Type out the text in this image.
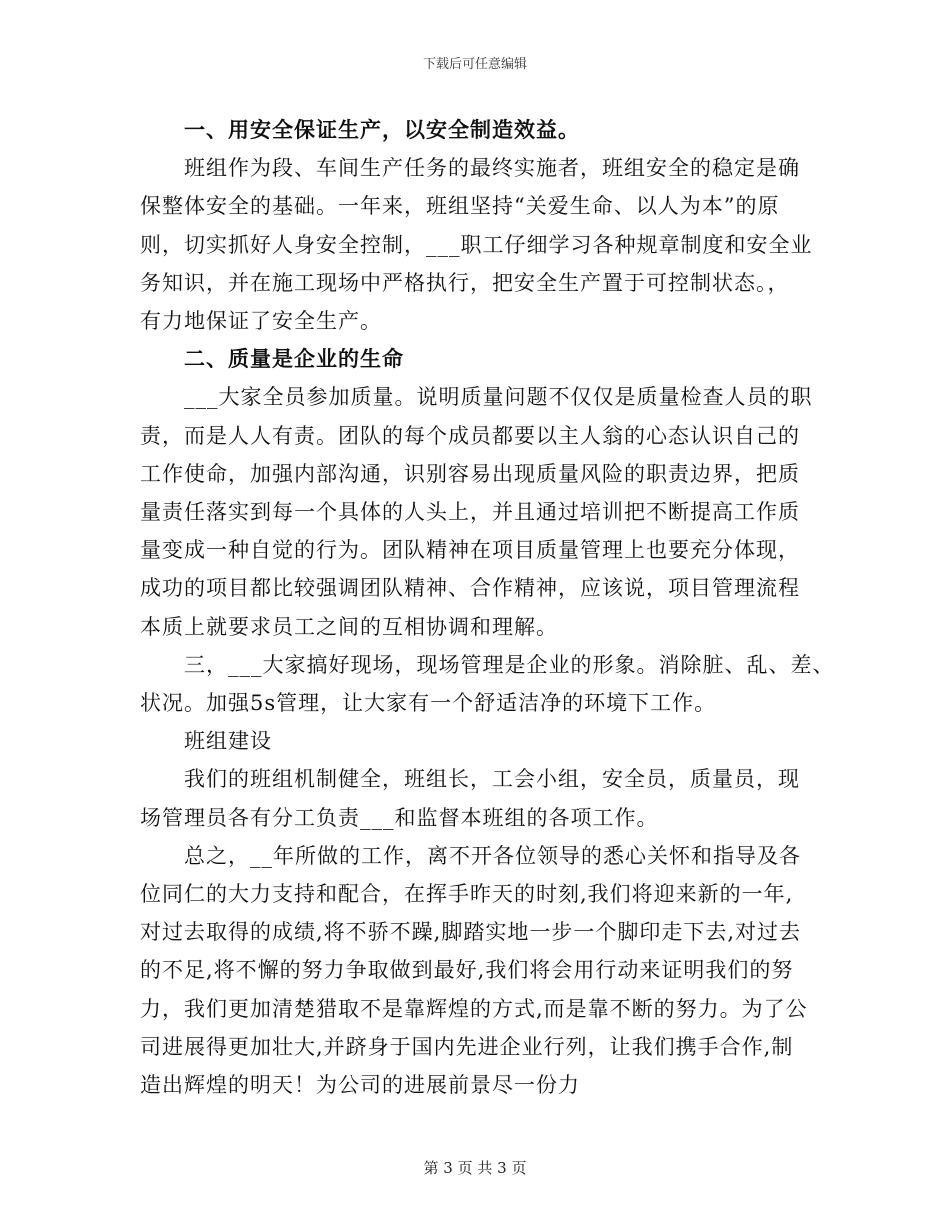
下载后可任意编辑
一、用安全保证生产，以安全制造效益。
班组作为段、车间生产任务的最终实施者，班组安全的稳定是确
保整体安全的基础。一年来，班组坚持“关爱生命、以人为本”的原
则，切实抓好人身安全控制，___职工仔细学习各种规章制度和安全业
务知识，并在施工现场中严格执行，把安全生产置于可控制状态。，
有力地保证了安全生产。
二、质量是企业的生命
___大家全员参加质量。说明质量问题不仅仅是质量检查人员的职
责，而是人人有责。团队的每个成员都要以主人翁的心态认识自己的
工作使命，加强内部沟通，识别容易出现质量风险的职责边界，把质
量责任落实到每一个具体的人头上，并且通过培训把不断提高工作质
量变成一种自觉的行为。团队精神在项目质量管理上也要充分体现，
成功的项目都比较强调团队精神、合作精神，应该说，项目管理流程
本质上就要求员工之间的互相协调和理解。
三，___大家搞好现场，现场管理是企业的形象。消除脏、乱、差、
状况。加强5s管理，让大家有一个舒适洁净的环境下工作。
班组建设
我们的班组机制健全，班组长，工会小组，安全员，质量员，现
场管理员各有分工负责___和监督本班组的各项工作。
总之，__年所做的工作，离不开各位领导的悉心关怀和指导及各
位同仁的大力支持和配合，在挥手昨天的时刻,我们将迎来新的一年,
对过去取得的成绩,将不骄不躁,脚踏实地一步一个脚印走下去,对过去
的不足,将不懈的努力争取做到最好,我们将会用行动来证明我们的努
力，我们更加清楚猎取不是靠辉煌的方式,而是靠不断的努力。为了公
司进展得更加壮大,并跻身于国内先进企业行列，让我们携手合作,制
造出辉煌的明天！为公司的进展前景尽一份力
第 3 页 共 3 页
